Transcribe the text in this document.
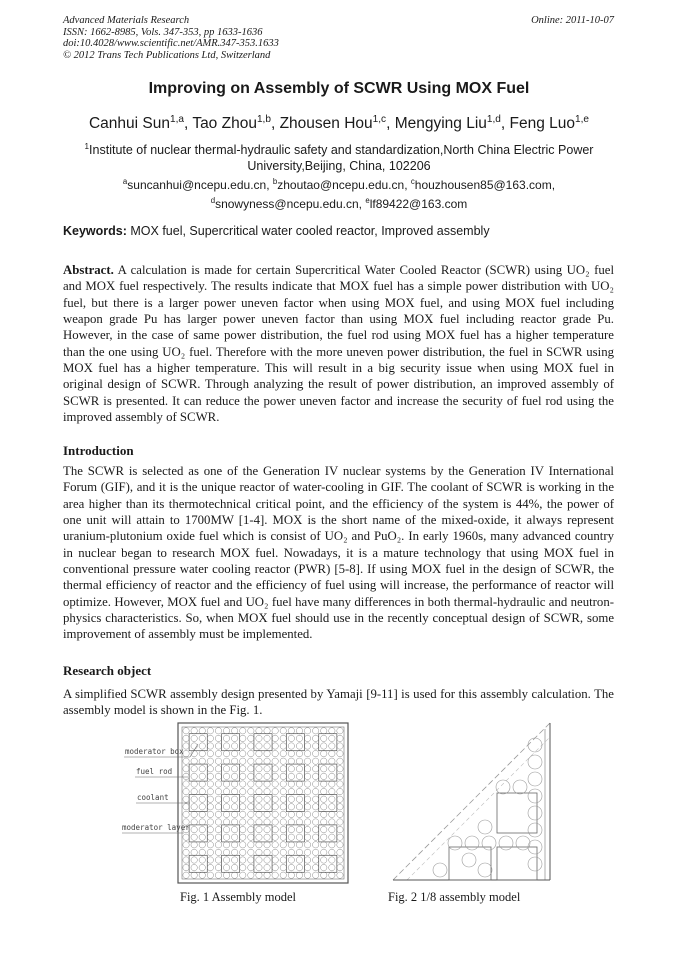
Advanced Materials Research
ISSN: 1662-8985, Vols. 347-353, pp 1633-1636
doi:10.4028/www.scientific.net/AMR.347-353.1633
© 2012 Trans Tech Publications Ltd, Switzerland
Online: 2011-10-07
Improving on Assembly of SCWR Using MOX Fuel
Canhui Sun$^{1,a}$, Tao Zhou$^{1,b}$, Zhousen Hou$^{1,c}$, Mengying Liu$^{1,d}$, Feng Luo$^{1,e}$
$^1$Institute of nuclear thermal-hydraulic safety and standardization,North China Electric Power University,Beijing, China, 102206
$^a$suncanhui@ncepu.edu.cn, $^b$zhoutao@ncepu.edu.cn, $^c$houzhousen85@163.com,
$^d$snowyness@ncepu.edu.cn, $^e$lf89422@163.com
Keywords: MOX fuel, Supercritical water cooled reactor, Improved assembly
Abstract. A calculation is made for certain Supercritical Water Cooled Reactor (SCWR) using UO₂ fuel and MOX fuel respectively. The results indicate that MOX fuel has a simple power distribution with UO₂ fuel, but there is a larger power uneven factor when using MOX fuel, and using MOX fuel including weapon grade Pu has larger power uneven factor than using MOX fuel including reactor grade Pu. However, in the case of same power distribution, the fuel rod using MOX fuel has a higher temperature than the one using UO₂ fuel. Therefore with the more uneven power distribution, the fuel in SCWR using MOX fuel has a higher temperature. This will result in a big security issue when using MOX fuel in original design of SCWR. Through analyzing the result of power distribution, an improved assembly of SCWR is presented. It can reduce the power uneven factor and increase the security of fuel rod using the improved assembly of SCWR.
Introduction
The SCWR is selected as one of the Generation IV nuclear systems by the Generation IV International Forum (GIF), and it is the unique reactor of water-cooling in GIF. The coolant of SCWR is working in the area higher than its thermotechnical critical point, and the efficiency of the system is 44%, the power of one unit will attain to 1700MW [1-4]. MOX is the short name of the mixed-oxide, it always represent uranium-plutonium oxide fuel which is consist of UO₂ and PuO₂. In early 1960s, many advanced country in nuclear began to research MOX fuel. Nowadays, it is a mature technology that using MOX fuel in conventional pressure water cooling reactor (PWR) [5-8]. If using MOX fuel in the design of SCWR, the thermal efficiency of reactor and the efficiency of fuel using will increase, the performance of reactor will optimize. However, MOX fuel and UO₂ fuel have many differences in both thermal-hydraulic and neutron- physics characteristics. So, when MOX fuel should use in the recently conceptual design of SCWR, some improvement of assembly must be implemented.
Research object
A simplified SCWR assembly design presented by Yamaji [9-11] is used for this assembly calculation. The assembly model is shown in the Fig. 1.
moderator box
fuel rod
coolant
moderator layer
Fig. 1 Assembly model	Fig. 2 1/8 assembly model
